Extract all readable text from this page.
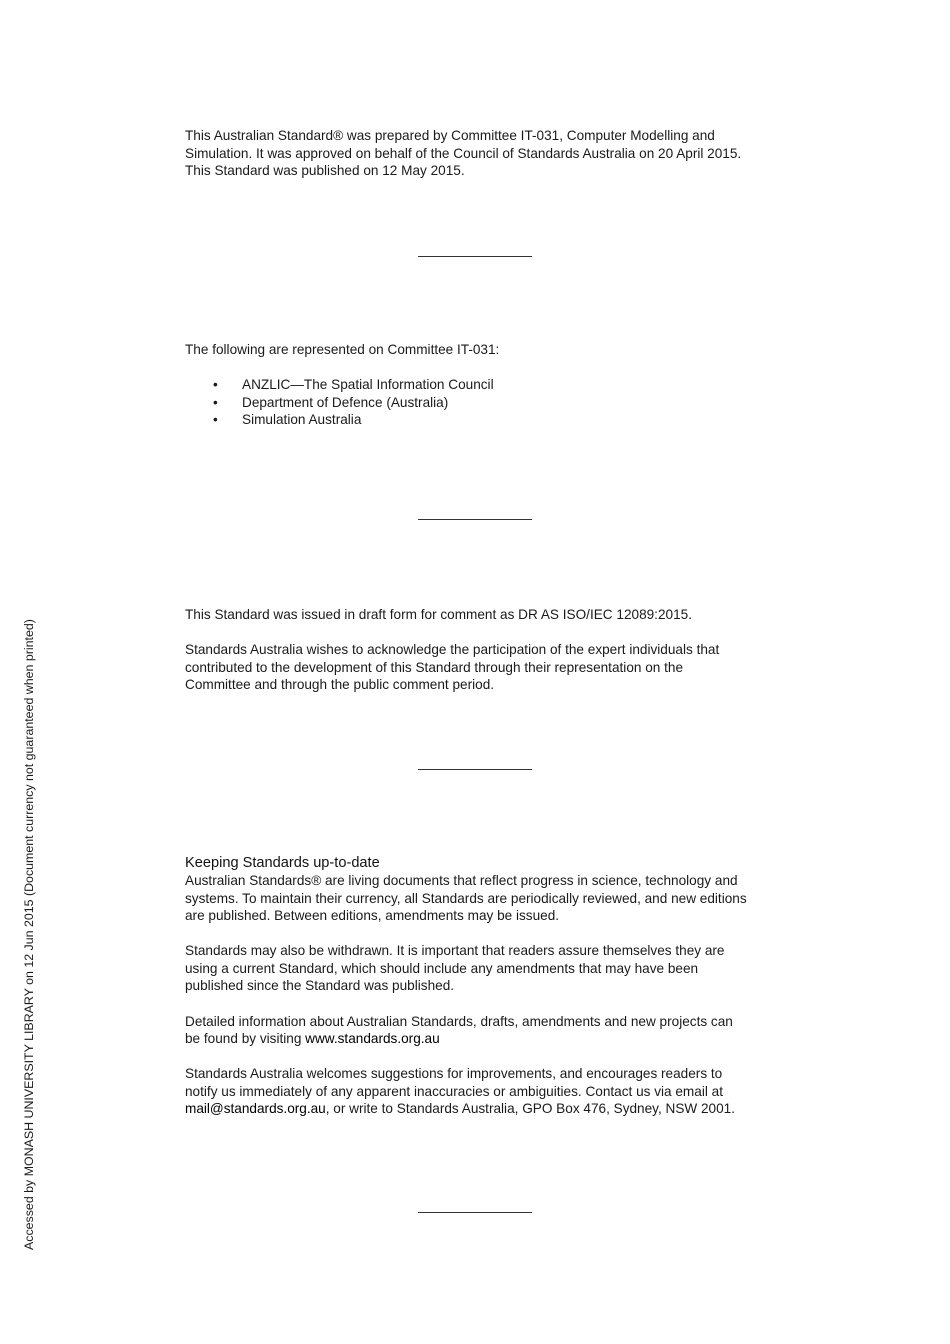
This Australian Standard® was prepared by Committee IT-031, Computer Modelling and

Simulation. It was approved on behalf of the Council of Standards Australia on 20 April 2015.

This Standard was published on 12 May 2015.

The following are represented on Committee IT-031:

• ANZLIC—The Spatial Information Council
• Department of Defence (Australia)
• Simulation Australia

This Standard was issued in draft form for comment as DR AS ISO/IEC 12089:2015.

Standards Australia wishes to acknowledge the participation of the expert individuals that

contributed to the development of this Standard through their representation on the

Committee and through the public comment period.

Keeping Standards up-to-date

Australian Standards® are living documents that reflect progress in science, technology and

systems. To maintain their currency, all Standards are periodically reviewed, and new editions

are published. Between editions, amendments may be issued.

Standards may also be withdrawn. It is important that readers assure themselves they are

using a current Standard, which should include any amendments that may have been

published since the Standard was published.

Detailed information about Australian Standards, drafts, amendments and new projects can

be found by visiting www.standards.org.au

Standards Australia welcomes suggestions for improvements, and encourages readers to

notify us immediately of any apparent inaccuracies or ambiguities. Contact us via email at

mail@standards.org.au, or write to Standards Australia, GPO Box 476, Sydney, NSW 2001.

Accessed by MONASH UNIVERSITY LIBRARY on 12 Jun 2015 (Document currency not guaranteed when printed)
